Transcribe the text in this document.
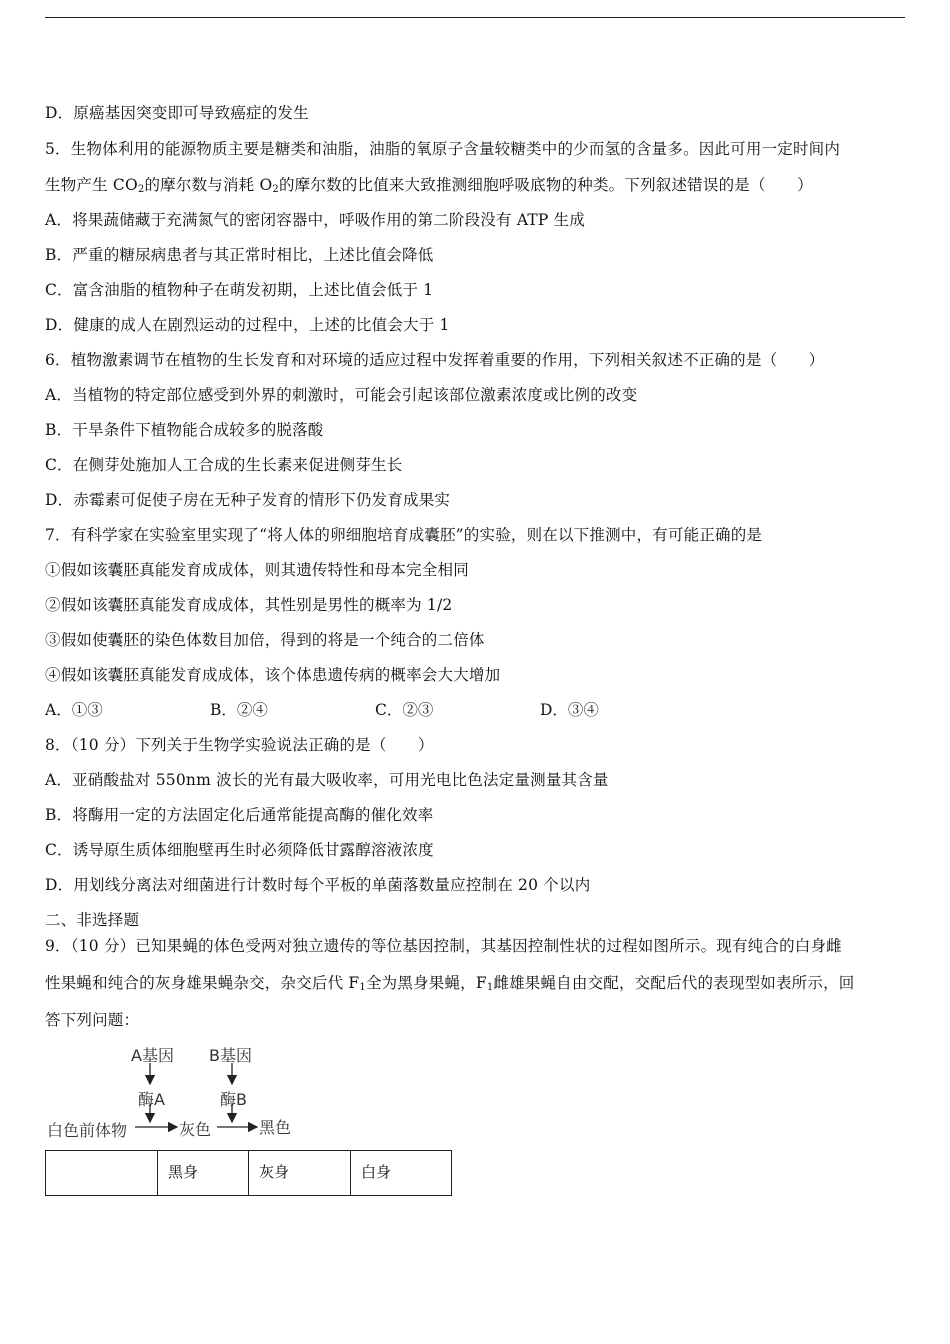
D．原癌基因突变即可导致癌症的发生
5．生物体利用的能源物质主要是糖类和油脂，油脂的氧原子含量较糖类中的少而氢的含量多。因此可用一定时间内
生物产生 $CO_2$的摩尔数与消耗 $O_2$的摩尔数的比值来大致推测细胞呼吸底物的种类。下列叙述错误的是（　　）
A．将果蔬储藏于充满氮气的密闭容器中，呼吸作用的第二阶段没有 ATP 生成
B．严重的糖尿病患者与其正常时相比，上述比值会降低
C．富含油脂的植物种子在萌发初期，上述比值会低于 1
D．健康的成人在剧烈运动的过程中，上述的比值会大于 1
6．植物激素调节在植物的生长发育和对环境的适应过程中发挥着重要的作用，下列相关叙述不正确的是（　　）
A．当植物的特定部位感受到外界的刺激时，可能会引起该部位激素浓度或比例的改变
B．干旱条件下植物能合成较多的脱落酸
C．在侧芽处施加人工合成的生长素来促进侧芽生长
D．赤霉素可促使子房在无种子发育的情形下仍发育成果实
7．有科学家在实验室里实现了“将人体的卵细胞培育成囊胚”的实验，则在以下推测中，有可能正确的是
①假如该囊胚真能发育成成体，则其遗传特性和母本完全相同
②假如该囊胚真能发育成成体，其性别是男性的概率为 1/2
③假如使囊胚的染色体数目加倍，得到的将是一个纯合的二倍体
④假如该囊胚真能发育成成体，该个体患遗传病的概率会大大增加
A．①③	B．②④	C．②③	D．③④
8．（10 分）下列关于生物学实验说法正确的是（　　）
A．亚硝酸盐对 550nm 波长的光有最大吸收率，可用光电比色法定量测量其含量
B．将酶用一定的方法固定化后通常能提高酶的催化效率
C．诱导原生质体细胞壁再生时必须降低甘露醇溶液浓度
D．用划线分离法对细菌进行计数时每个平板的单菌落数量应控制在 20 个以内
二、非选择题
9．（10 分）已知果蝇的体色受两对独立遗传的等位基因控制，其基因控制性状的过程如图所示。现有纯合的白身雌
性果蝇和纯合的灰身雄果蝇杂交，杂交后代 $F_1$全为黑身果蝇，$F_1$雌雄果蝇自由交配，交配后代的表现型如表所示，回
答下列问题：
A基因 B基因
酶A	酶B
白色前体物	灰色	黑色
	黑身	灰身	白身
